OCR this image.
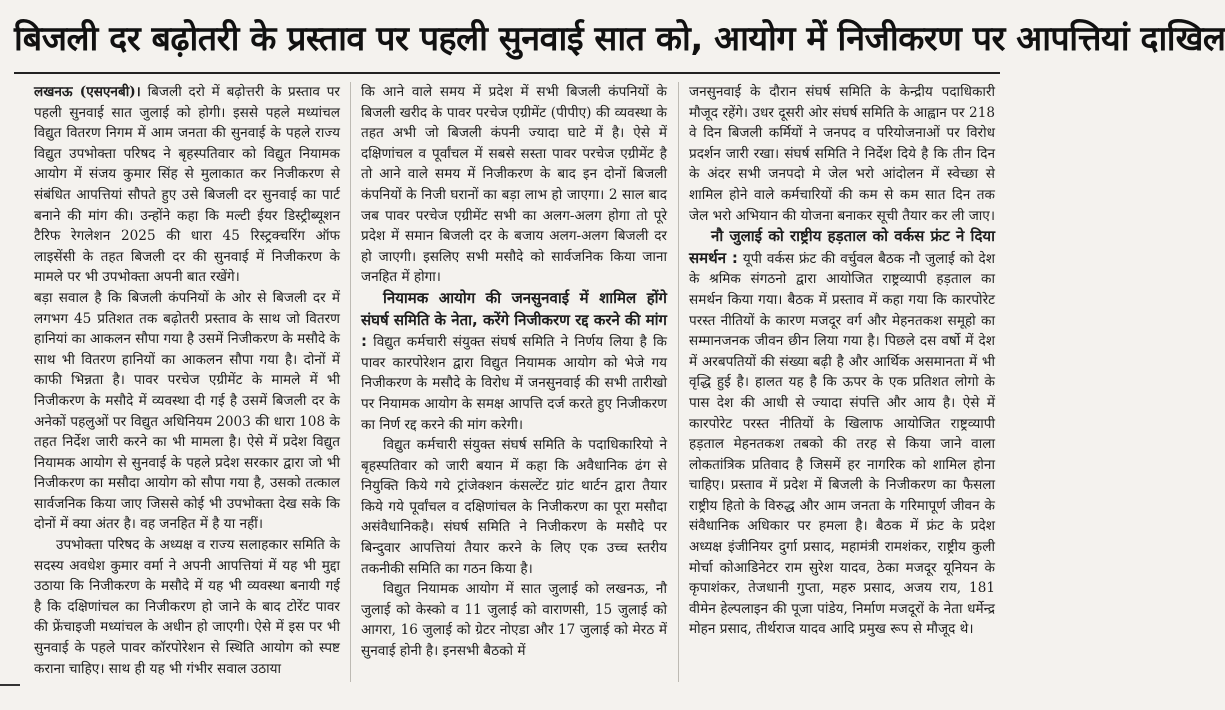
बिजली दर बढ़ोतरी के प्रस्ताव पर पहली सुनवाई सात को, आयोग में निजीकरण पर आपत्तियां दाखिल

लखनऊ (एसएनबी)। बिजली दरो में बढ़ोत्तरी के प्रस्ताव पर पहली सुनवाई सात जुलाई को होगी। इससे पहले मध्यांचल विद्युत वितरण निगम में आम जनता की सुनवाई के पहले राज्य विद्युत उपभोक्ता परिषद ने बृहस्पतिवार को विद्युत नियामक आयोग में संजय कुमार सिंह से मुलाकात कर निजीकरण से संबंधित आपत्तियां सौपते हुए उसे बिजली दर सुनवाई का पार्ट बनाने की मांग की। उन्होंने कहा कि मल्टी ईयर डिस्ट्रीब्यूशन टैरिफ रेगलेशन 2025 की धारा 45 रिस्ट्रक्चरिंग ऑफ लाइसेंसी के तहत बिजली दर की सुनवाई में निजीकरण के मामले पर भी उपभोक्ता अपनी बात रखेंगे।

बड़ा सवाल है कि बिजली कंपनियों के ओर से बिजली दर में लगभग 45 प्रतिशत तक बढ़ोतरी प्रस्ताव के साथ जो वितरण हानियां का आकलन सौपा गया है उसमें निजीकरण के मसौदे के साथ भी वितरण हानियों का आकलन सौपा गया है। दोनों में काफी भिन्नता है। पावर परचेज एग्रीमेंट के मामले में भी निजीकरण के मसौदे में व्यवस्था दी गई है उसमें बिजली दर के अनेकों पहलुओं पर विद्युत अधिनियम 2003 की धारा 108 के तहत निर्देश जारी करने का भी मामला है। ऐसे में प्रदेश विद्युत नियामक आयोग से सुनवाई के पहले प्रदेश सरकार द्वारा जो भी निजीकरण का मसौदा आयोग को सौपा गया है, उसको तत्काल सार्वजनिक किया जाए जिससे कोई भी उपभोक्ता देख सके कि दोनों में क्या अंतर है। वह जनहित में है या नहीं।

उपभोक्ता परिषद के अध्यक्ष व राज्य सलाहकार समिति के सदस्य अवधेश कुमार वर्मा ने अपनी आपत्तियां में यह भी मुद्दा उठाया कि निजीकरण के मसौदे में यह भी व्यवस्था बनायी गई है कि दक्षिणांचल का निजीकरण हो जाने के बाद टोरेंट पावर की फ्रेंचाइजी मध्यांचल के अधीन हो जाएगी। ऐसे में इस पर भी सुनवाई के पहले पावर कॉरपोरेशन से स्थिति आयोग को स्पष्ट कराना चाहिए। साथ ही यह भी गंभीर सवाल उठाया

कि आने वाले समय में प्रदेश में सभी बिजली कंपनियों के बिजली खरीद के पावर परचेज एग्रीमेंट (पीपीए) की व्यवस्था के तहत अभी जो बिजली कंपनी ज्यादा घाटे में है। ऐसे में दक्षिणांचल व पूर्वांचल में सबसे सस्ता पावर परचेज एग्रीमेंट है तो आने वाले समय में निजीकरण के बाद इन दोनों बिजली कंपनियों के निजी घरानों का बड़ा लाभ हो जाएगा। 2 साल बाद जब पावर परचेज एग्रीमेंट सभी का अलग-अलग होगा तो पूरे प्रदेश में समान बिजली दर के बजाय अलग-अलग बिजली दर हो जाएगी। इसलिए सभी मसौदे को सार्वजनिक किया जाना जनहित में होगा।

नियामक आयोग की जनसुनवाई में शामिल होंगे संघर्ष समिति के नेता, करेंगे निजीकरण रद्द करने की मांग : विद्युत कर्मचारी संयुक्त संघर्ष समिति ने निर्णय लिया है कि पावर कारपोरेशन द्वारा विद्युत नियामक आयोग को भेजे गय निजीकरण के मसौदे के विरोध में जनसुनवाई की सभी तारीखो पर नियामक आयोग के समक्ष आपत्ति दर्ज करते हुए निजीकरण का निर्ण रद्द करने की मांग करेगी।

विद्युत कर्मचारी संयुक्त संघर्ष समिति के पदाधिकारियो ने बृहस्पतिवार को जारी बयान में कहा कि अवैधानिक ढंग से नियुक्ति किये गये ट्रांजेक्शन कंसल्टेंट ग्रांट थार्टन द्वारा तैयार किये गये पूर्वांचल व दक्षिणांचल के निजीकरण का पूरा मसौदा असंवैधानिकहै। संघर्ष समिति ने निजीकरण के मसौदे पर बिन्दुवार आपत्तियां तैयार करने के लिए एक उच्च स्तरीय तकनीकी समिति का गठन किया है।

विद्युत नियामक आयोग में सात जुलाई को लखनऊ, नौ जुलाई को केस्को व 11 जुलाई को वाराणसी, 15 जुलाई को आगरा, 16 जुलाई को ग्रेटर नोएडा और 17 जुलाई को मेरठ में सुनवाई होनी है। इनसभी बैठको में

जनसुनवाई के दौरान संघर्ष समिति के केन्द्रीय पदाधिकारी मौजूद रहेंगे। उधर दूसरी ओर संघर्ष समिति के आह्वान पर 218 वे दिन बिजली कर्मियों ने जनपद व परियोजनाओं पर विरोध प्रदर्शन जारी रखा। संघर्ष समिति ने निर्देश दिये है कि तीन दिन के अंदर सभी जनपदो मे जेल भरो आंदोलन में स्वेच्छा से शामिल होने वाले कर्मचारियों की कम से कम सात दिन तक जेल भरो अभियान की योजना बनाकर सूची तैयार कर ली जाए।

नौ जुलाई को राष्ट्रीय हड़ताल को वर्कस फ्रंट ने दिया समर्थन : यूपी वर्कस फ्रंट की वर्चुवल बैठक नौ जुलाई को देश के श्रमिक संगठनो द्वारा आयोजित राष्ट्रव्यापी हड़ताल का समर्थन किया गया। बैठक में प्रस्ताव में कहा गया कि कारपोरेट परस्त नीतियों के कारण मजदूर वर्ग और मेहनतकश समूहो का सम्मानजनक जीवन छीन लिया गया है। पिछले दस वर्षो में देश में अरबपतियों की संख्या बढ़ी है और आर्थिक असमानता में भी वृद्धि हुई है। हालत यह है कि ऊपर के एक प्रतिशत लोगो के पास देश की आधी से ज्यादा संपत्ति और आय है। ऐसे में कारपोरेट परस्त नीतियों के खिलाफ आयोजित राष्ट्रव्यापी हड़ताल मेहनतकश तबको की तरह से किया जाने वाला लोकतांत्रिक प्रतिवाद है जिसमें हर नागरिक को शामिल होना चाहिए। प्रस्ताव में प्रदेश में बिजली के निजीकरण का फैसला राष्ट्रीय हितो के विरुद्ध और आम जनता के गरिमापूर्ण जीवन के संवैधानिक अधिकार पर हमला है। बैठक में फ्रंट के प्रदेश अध्यक्ष इंजीनियर दुर्गा प्रसाद, महामंत्री रामशंकर, राष्ट्रीय कुली मोर्चा कोआडिनेटर राम सुरेश यादव, ठेका मजदूर यूनियन के कृपाशंकर, तेजधानी गुप्ता, महरु प्रसाद, अजय राय, 181 वीमेन हेल्पलाइन की पूजा पांडेय, निर्माण मजदूरों के नेता धर्मेन्द्र मोहन प्रसाद, तीर्थराज यादव आदि प्रमुख रूप से मौजूद थे।
